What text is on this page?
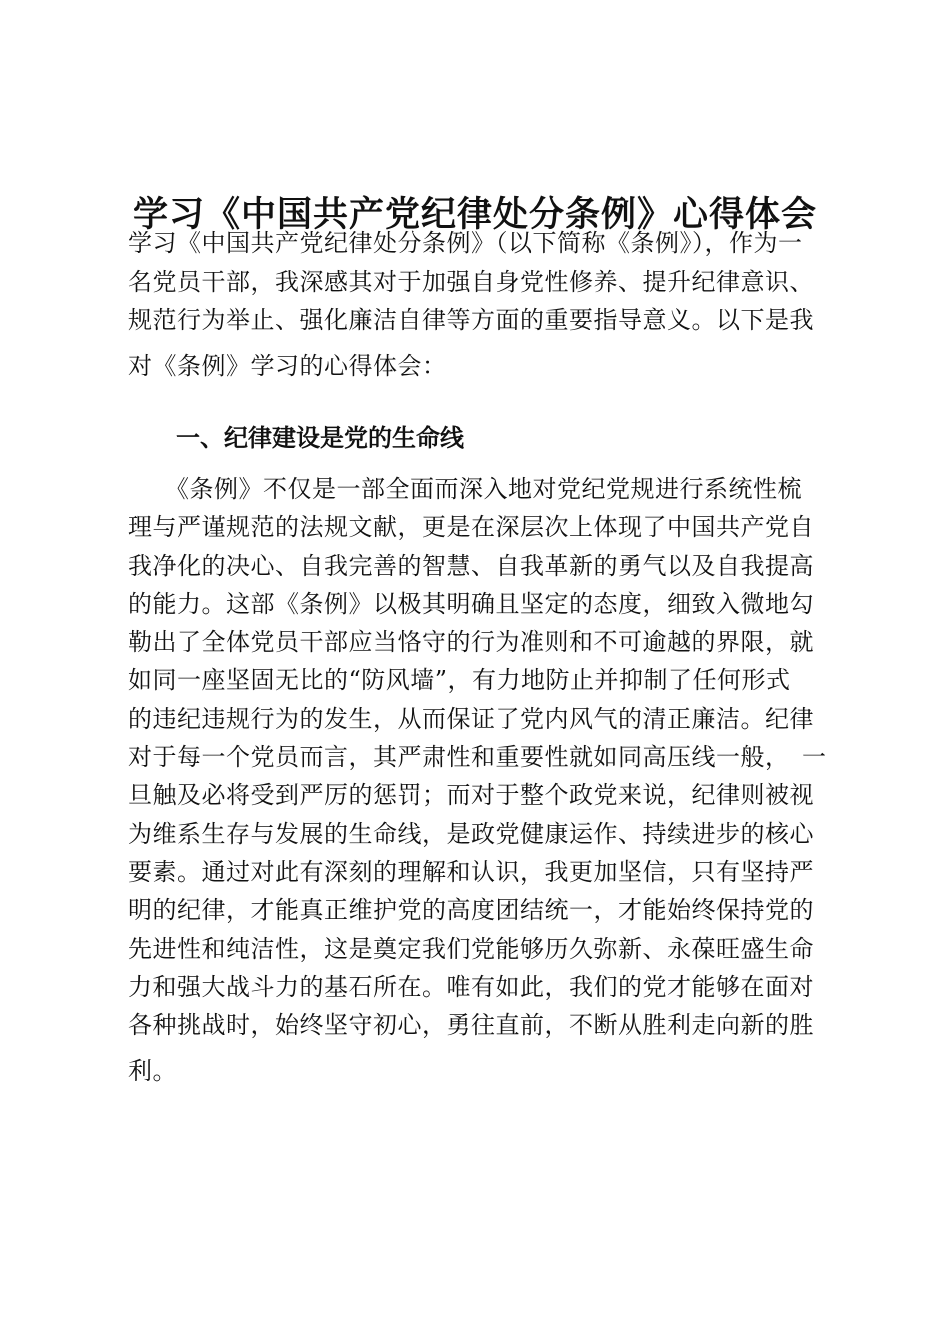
学习《中国共产党纪律处分条例》心得体会
学习《中国共产党纪律处分条例》（以下简称《条例》），作为一
名党员干部，我深感其对于加强自身党性修养、提升纪律意识、
规范行为举止、强化廉洁自律等方面的重要指导意义。以下是我
对《条例》学习的心得体会：
一、纪律建设是党的生命线
　　《条例》不仅是一部全面而深入地对党纪党规进行系统性梳
理与严谨规范的法规文献，更是在深层次上体现了中国共产党自
我净化的决心、自我完善的智慧、自我革新的勇气以及自我提高
的能力。这部《条例》以极其明确且坚定的态度，细致入微地勾
勒出了全体党员干部应当恪守的行为准则和不可逾越的界限，就
如同一座坚固无比的“防风墙”，有力地防止并抑制了任何形式
的违纪违规行为的发生，从而保证了党内风气的清正廉洁。纪律
对于每一个党员而言，其严肃性和重要性就如同高压线一般，　一
旦触及必将受到严厉的惩罚；而对于整个政党来说，纪律则被视
为维系生存与发展的生命线，是政党健康运作、持续进步的核心
要素。通过对此有深刻的理解和认识，我更加坚信，只有坚持严
明的纪律，才能真正维护党的高度团结统一，才能始终保持党的
先进性和纯洁性，这是奠定我们党能够历久弥新、永葆旺盛生命
力和强大战斗力的基石所在。唯有如此，我们的党才能够在面对
各种挑战时，始终坚守初心，勇往直前，不断从胜利走向新的胜
利。
